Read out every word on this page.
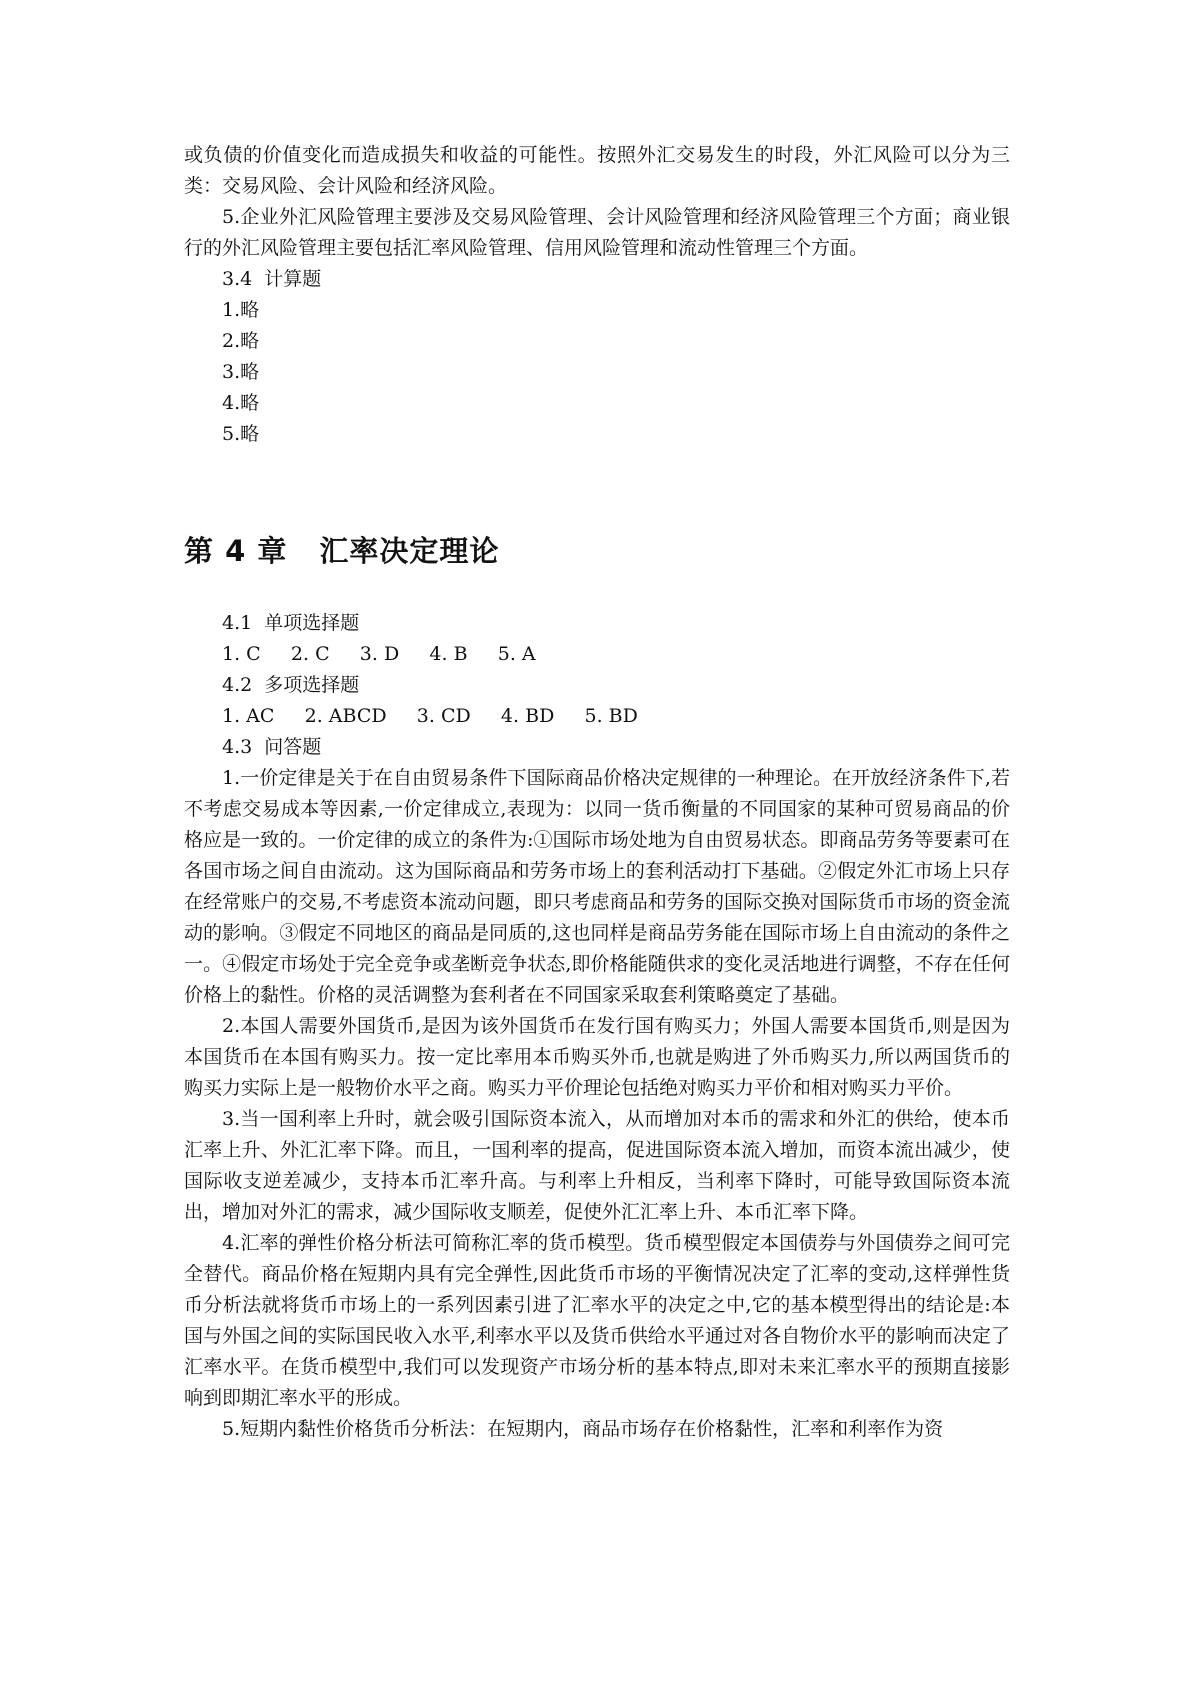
或负债的价值变化而造成损失和收益的可能性。按照外汇交易发生的时段，外汇风险可以分为三类：交易风险、会计风险和经济风险。

5.企业外汇风险管理主要涉及交易风险管理、会计风险管理和经济风险管理三个方面；商业银行的外汇风险管理主要包括汇率风险管理、信用风险管理和流动性管理三个方面。

3.4  计算题

1.略

2.略

3.略

4.略

5.略

第 4 章 汇率决定理论

4.1  单项选择题

1. C     2. C     3. D     4. B     5. A

4.2  多项选择题

1. AC     2. ABCD     3. CD     4. BD     5. BD

4.3  问答题

1.一价定律是关于在自由贸易条件下国际商品价格决定规律的一种理论。在开放经济条件下,若不考虑交易成本等因素,一价定律成立,表现为：以同一货币衡量的不同国家的某种可贸易商品的价格应是一致的。一价定律的成立的条件为:①国际市场处地为自由贸易状态。即商品劳务等要素可在各国市场之间自由流动。这为国际商品和劳务市场上的套利活动打下基础。②假定外汇市场上只存在经常账户的交易,不考虑资本流动问题，即只考虑商品和劳务的国际交换对国际货币市场的资金流动的影响。③假定不同地区的商品是同质的,这也同样是商品劳务能在国际市场上自由流动的条件之一。④假定市场处于完全竞争或垄断竞争状态,即价格能随供求的变化灵活地进行调整，不存在任何价格上的黏性。价格的灵活调整为套利者在不同国家采取套利策略奠定了基础。

2.本国人需要外国货币,是因为该外国货币在发行国有购买力；外国人需要本国货币,则是因为本国货币在本国有购买力。按一定比率用本币购买外币,也就是购进了外币购买力,所以两国货币的购买力实际上是一般物价水平之商。购买力平价理论包括绝对购买力平价和相对购买力平价。

3.当一国利率上升时，就会吸引国际资本流入，从而增加对本币的需求和外汇的供给，使本币汇率上升、外汇汇率下降。而且，一国利率的提高，促进国际资本流入增加，而资本流出减少，使国际收支逆差减少，支持本币汇率升高。与利率上升相反，当利率下降时，可能导致国际资本流出，增加对外汇的需求，减少国际收支顺差，促使外汇汇率上升、本币汇率下降。

4.汇率的弹性价格分析法可简称汇率的货币模型。货币模型假定本国债券与外国债券之间可完全替代。商品价格在短期内具有完全弹性,因此货币市场的平衡情况决定了汇率的变动,这样弹性货币分析法就将货币市场上的一系列因素引进了汇率水平的决定之中,它的基本模型得出的结论是:本国与外国之间的实际国民收入水平,利率水平以及货币供给水平通过对各自物价水平的影响而决定了汇率水平。在货币模型中,我们可以发现资产市场分析的基本特点,即对未来汇率水平的预期直接影响到即期汇率水平的形成。

5.短期内黏性价格货币分析法：在短期内，商品市场存在价格黏性，汇率和利率作为资
